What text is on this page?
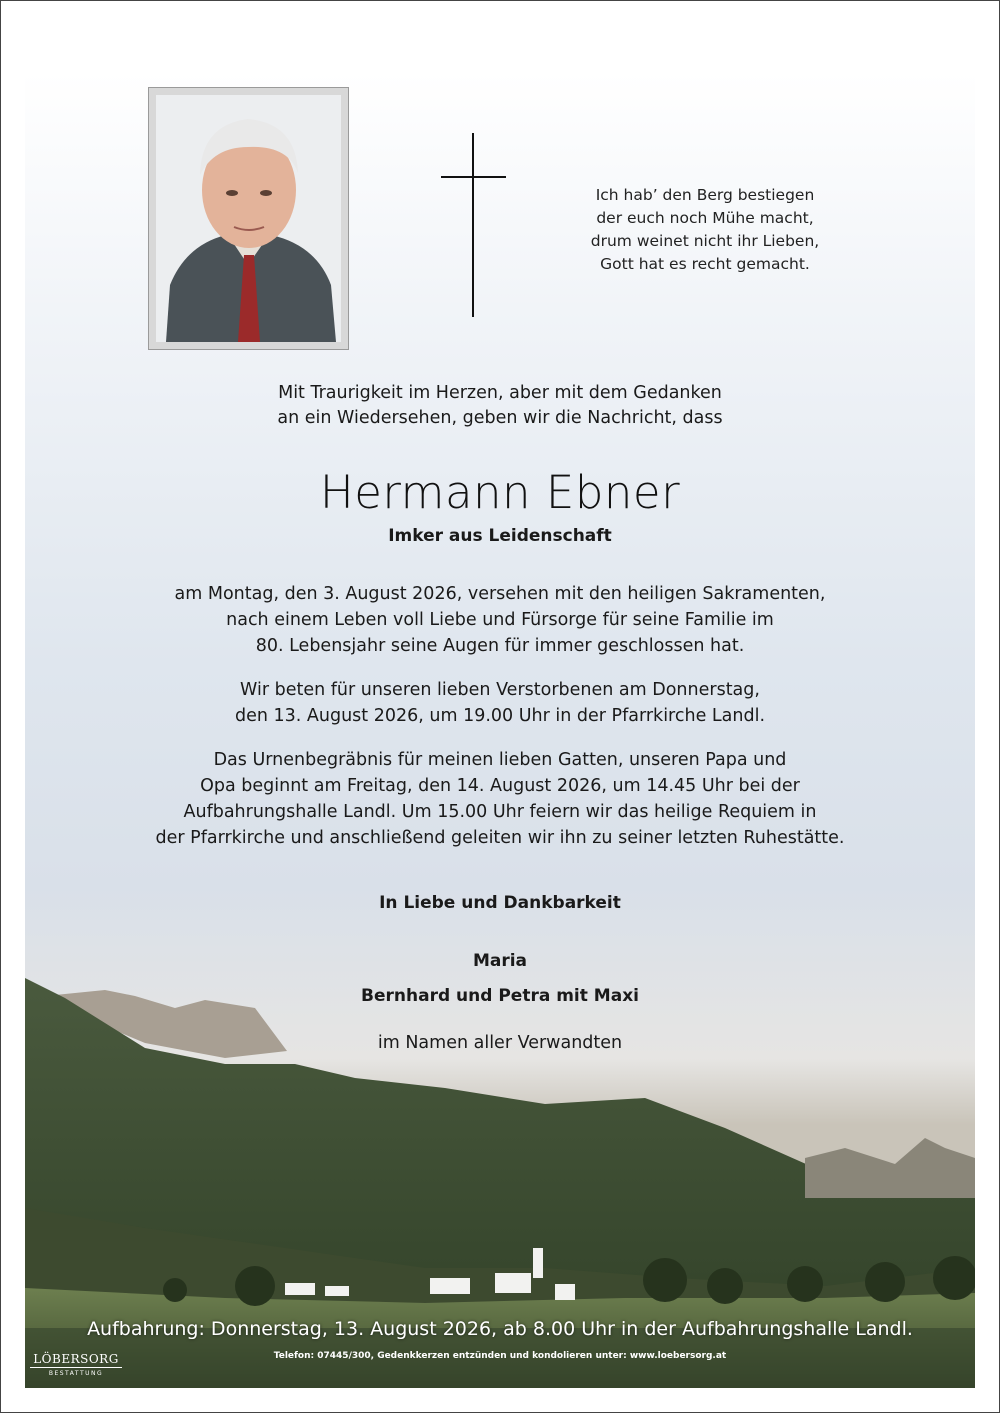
Ich hab’ den Berg bestiegen
der euch noch Mühe macht,
drum weinet nicht ihr Lieben,
Gott hat es recht gemacht.
Mit Traurigkeit im Herzen, aber mit dem Gedanken
an ein Wiedersehen, geben wir die Nachricht, dass
Hermann Ebner
Imker aus Leidenschaft
am Montag, den 3. August 2026, versehen mit den heiligen Sakramenten,
nach einem Leben voll Liebe und Fürsorge für seine Familie im
80. Lebensjahr seine Augen für immer geschlossen hat.
Wir beten für unseren lieben Verstorbenen am Donnerstag,
den 13. August 2026, um 19.00 Uhr in der Pfarrkirche Landl.
Das Urnenbegräbnis für meinen lieben Gatten, unseren Papa und
Opa beginnt am Freitag, den 14. August 2026, um 14.45 Uhr bei der
Aufbahrungshalle Landl. Um 15.00 Uhr feiern wir das heilige Requiem in
der Pfarrkirche und anschließend geleiten wir ihn zu seiner letzten Ruhestätte.
In Liebe und Dankbarkeit
Maria
Bernhard und Petra mit Maxi
im Namen aller Verwandten
Aufbahrung: Donnerstag, 13. August 2026, ab 8.00 Uhr in der Aufbahrungshalle Landl.
Telefon: 07445/300, Gedenkkerzen entzünden und kondolieren unter: www.loebersorg.at
LÖBERSORG
BESTATTUNG
